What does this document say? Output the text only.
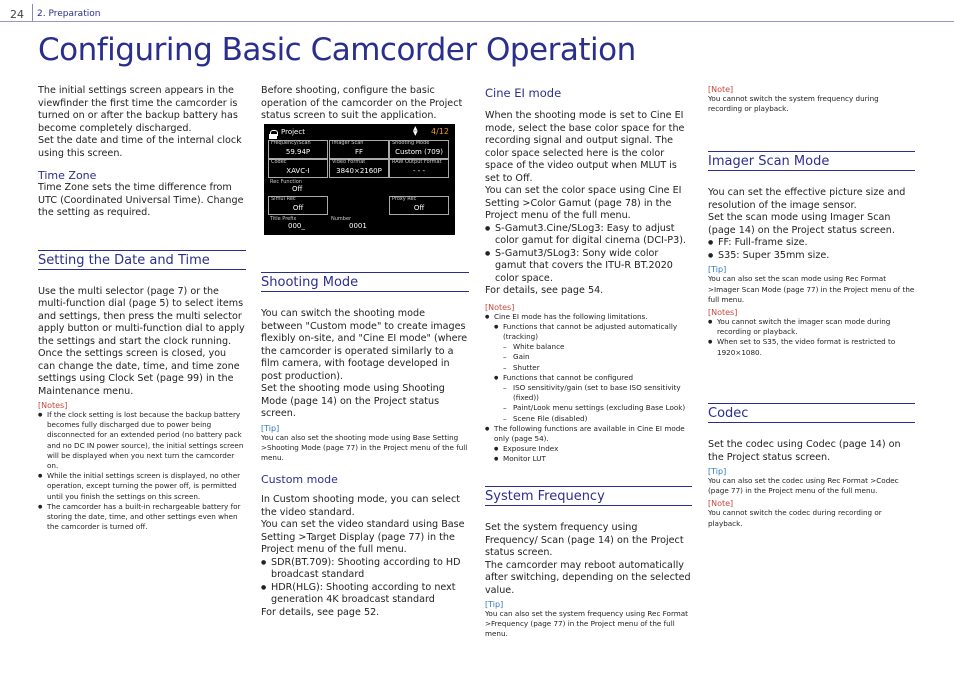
24 2. Preparation
Configuring Basic Camcorder Operation

The initial settings screen appears in the viewfinder the first time the camcorder is turned on or after the backup battery has become completely discharged.

Set the date and time of the internal clock using this screen.

Time Zone

Time Zone sets the time difference from UTC (Coordinated Universal Time). Change the setting as required.

Setting the Date and Time

Use the multi selector (page 7) or the multi-function dial (page 5) to select items and settings, then press the multi selector apply button or multi-function dial to apply the settings and start the clock running.

Once the settings screen is closed, you can change the date, time, and time zone settings using Clock Set (page 99) in the Maintenance menu.

[Notes]
● If the clock setting is lost because the backup battery becomes fully discharged due to power being disconnected for an extended period (no battery pack and no DC IN power source), the initial settings screen will be displayed when you next turn the camcorder on.
● While the initial settings screen is displayed, no other operation, except turning the power off, is permitted until you finish the settings on this screen.
● The camcorder has a built-in rechargeable battery for storing the date, time, and other settings even when the camcorder is turned off.

Before shooting, configure the basic operation of the camcorder on the Project status screen to suit the application.

Project	▲
▼ 4/12
Frequency/Scan
59.94P
Imager Scan
FF
Shooting Mode
Custom (709)
Codec
XAVC-I
Video Format
3840×2160P
RAW Output Format
- - -
Rec Function
Off
Simul Rec
Off
Proxy Rec
Off
Title Prefix
000_
Number
0001
Shooting Mode

You can switch the shooting mode between "Custom mode" to create images flexibly on-site, and "Cine EI mode" (where the camcorder is operated similarly to a film camera, with footage developed in post production).

Set the shooting mode using Shooting Mode (page 14) on the Project status screen.

[Tip]

You can also set the shooting mode using Base Setting >Shooting Mode (page 77) in the Project menu of the full menu.

Custom mode

In Custom shooting mode, you can select the video standard.

You can set the video standard using Base Setting >Target Display (page 77) in the Project menu of the full menu.

● SDR(BT.709): Shooting according to HD broadcast standard
● HDR(HLG): Shooting according to next generation 4K broadcast standard

For details, see page 52.

Cine EI mode

When the shooting mode is set to Cine EI mode, select the base color space for the recording signal and output signal. The color space selected here is the color space of the video output when MLUT is set to Off.

You can set the color space using Cine EI Setting >Color Gamut (page 78) in the Project menu of the full menu.

● S-Gamut3.Cine/SLog3: Easy to adjust color gamut for digital cinema (DCI-P3).
● S-Gamut3/SLog3: Sony wide color gamut that covers the ITU-R BT.2020 color space.

For details, see page 54.

[Notes]
● Cine EI mode has the following limitations.
● Functions that cannot be adjusted automatically (tracking)
– White balance
– Gain
– Shutter
● Functions that cannot be configured
– ISO sensitivity/gain (set to base ISO sensitivity (fixed))
– Paint/Look menu settings (excluding Base Look)
– Scene File (disabled)
● The following functions are available in Cine EI mode only (page 54).
● Exposure Index
● Monitor LUT
System Frequency

Set the system frequency using Frequency/ Scan (page 14) on the Project status screen.

The camcorder may reboot automatically after switching, depending on the selected value.

[Tip]

You can also set the system frequency using Rec Format >Frequency (page 77) in the Project menu of the full menu.

[Note]

You cannot switch the system frequency during recording or playback.

Imager Scan Mode

You can set the effective picture size and resolution of the image sensor.

Set the scan mode using Imager Scan (page 14) on the Project status screen.

● FF: Full-frame size.
● S35: Super 35mm size.
[Tip]

You can also set the scan mode using Rec Format >Imager Scan Mode (page 77) in the Project menu of the full menu.

[Notes]
● You cannot switch the imager scan mode during recording or playback.
● When set to S35, the video format is restricted to 1920×1080.
Codec

Set the codec using Codec (page 14) on the Project status screen.

[Tip]

You can also set the codec using Rec Format >Codec (page 77) in the Project menu of the full menu.

[Note]

You cannot switch the codec during recording or playback.
